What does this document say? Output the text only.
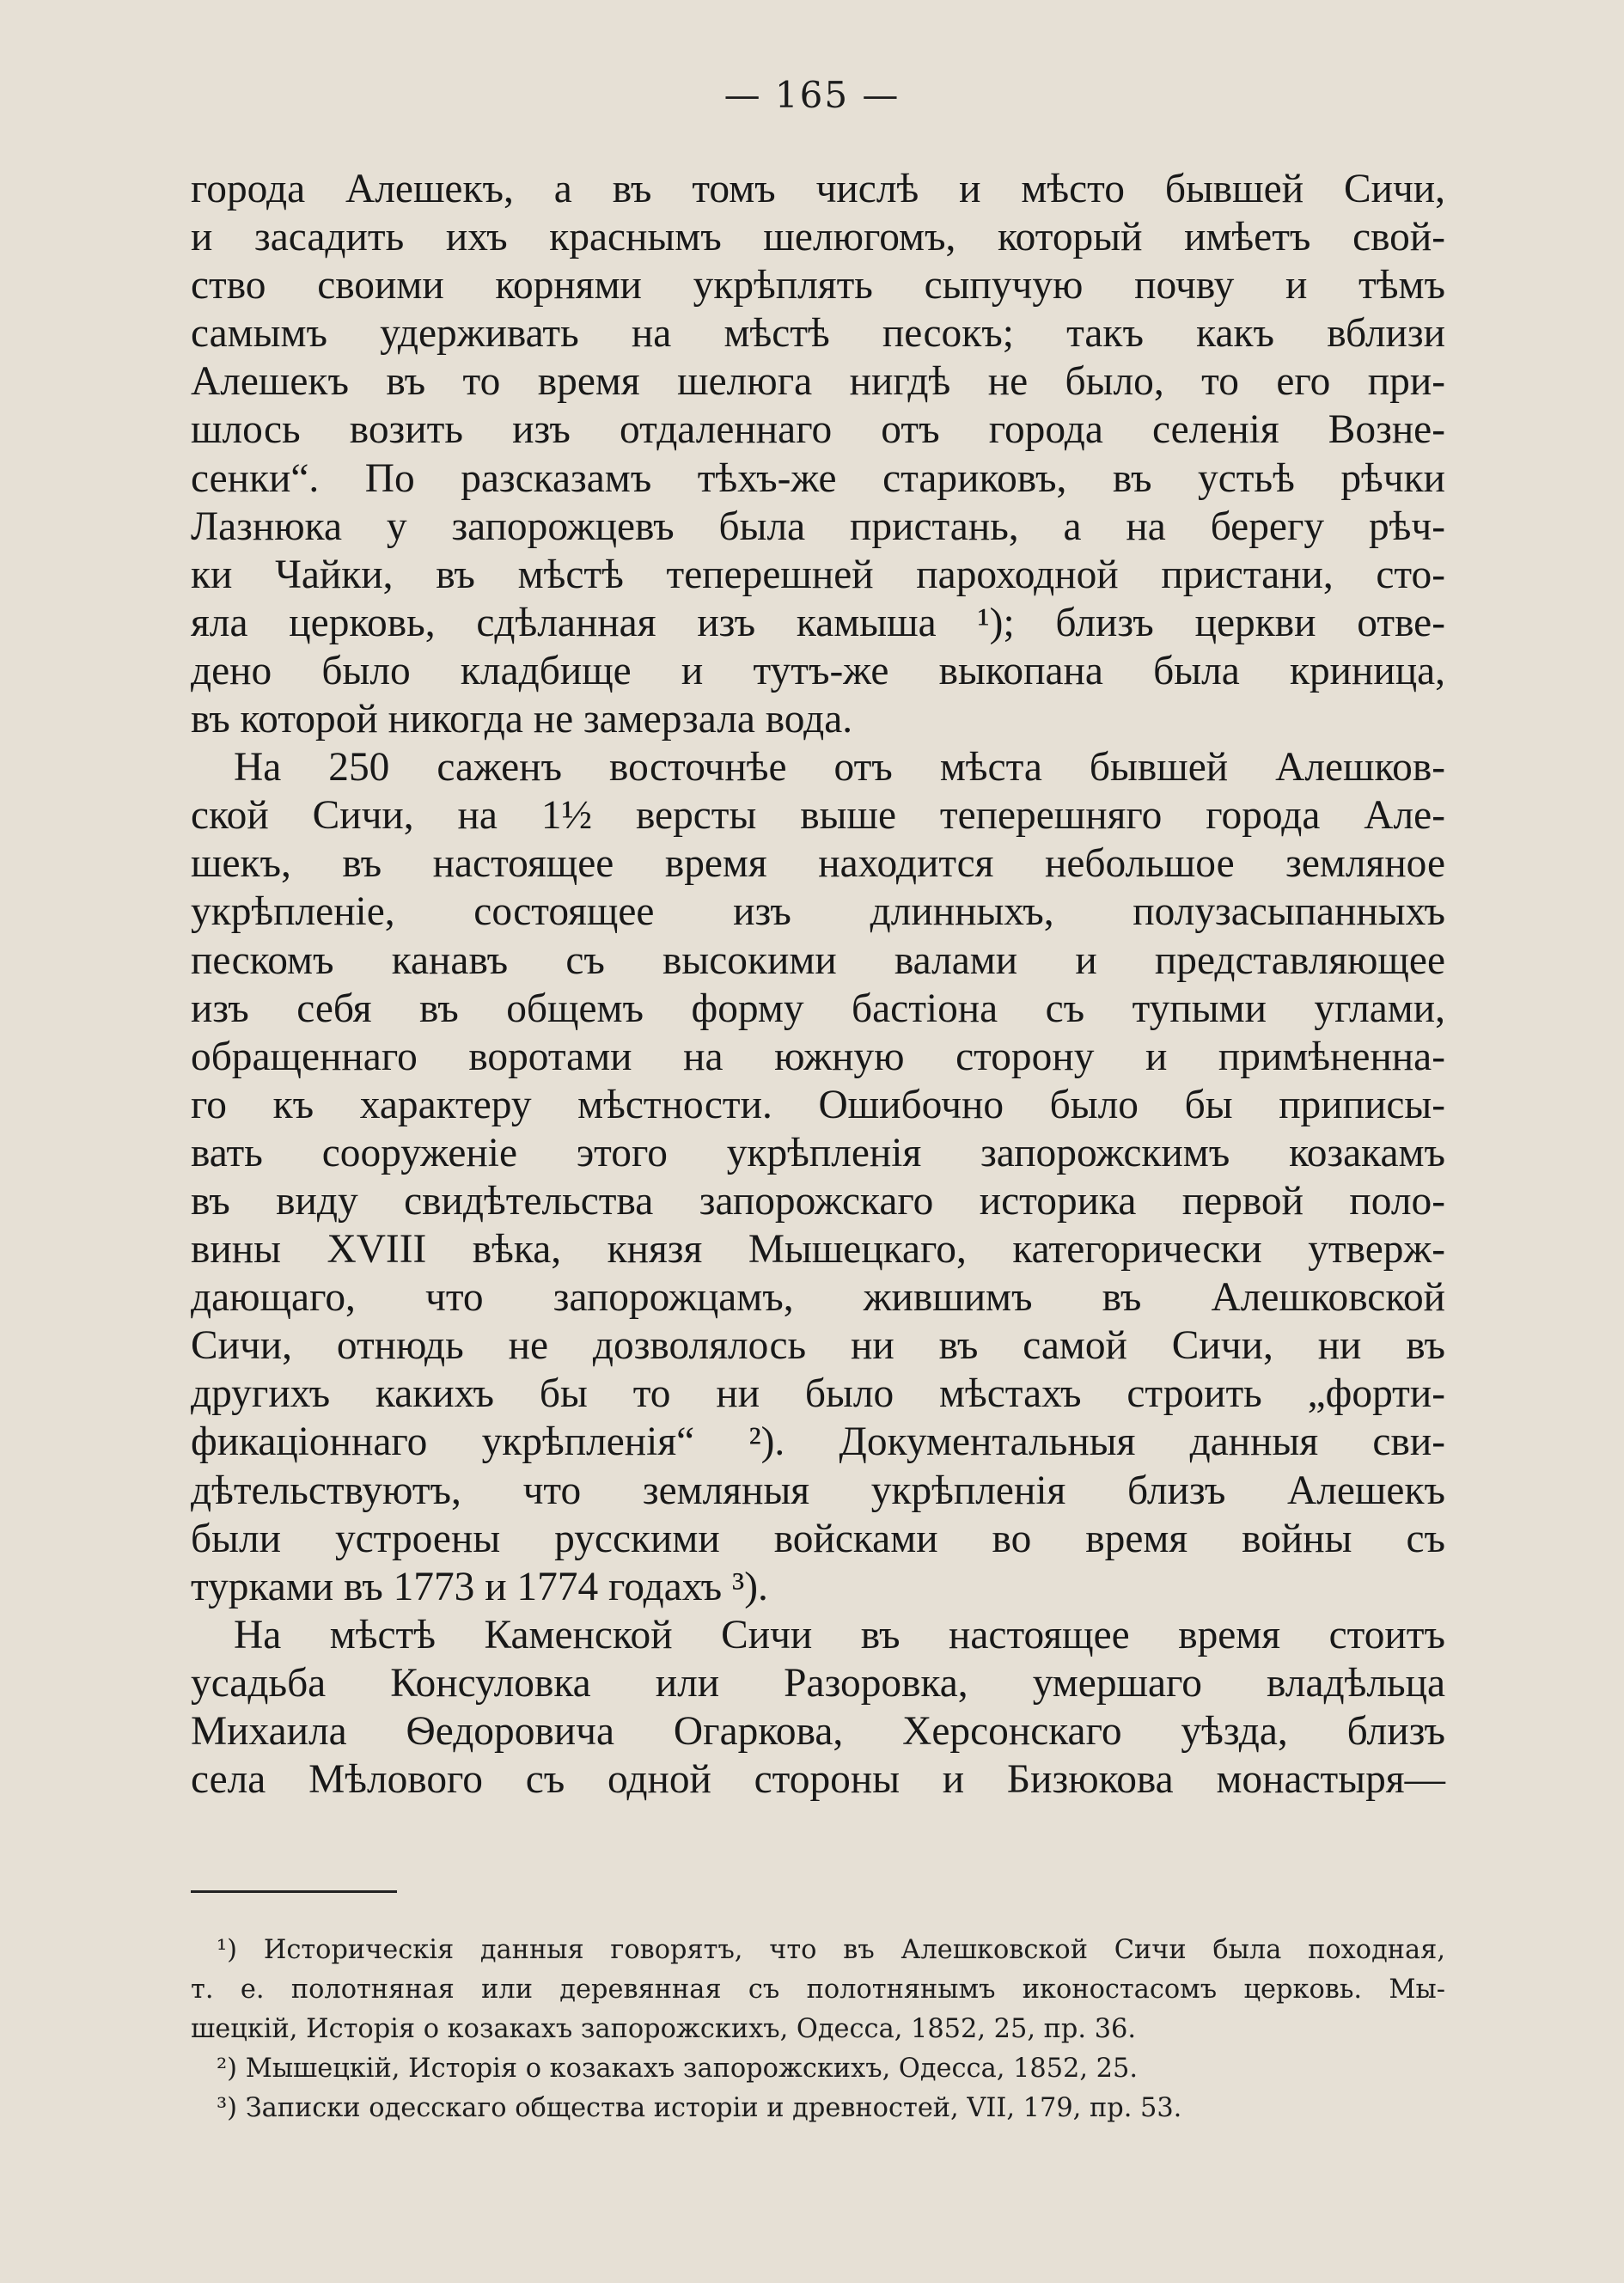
— 165 —
города Алешекъ, а въ томъ числѣ и мѣсто бывшей Сичи,
и засадить ихъ краснымъ шелюгомъ, который имѣетъ свой-
ство своими корнями укрѣплять сыпучую почву и тѣмъ
самымъ удерживать на мѣстѣ песокъ; такъ какъ вблизи
Алешекъ въ то время шелюга нигдѣ не было, то его при-
шлось возить изъ отдаленнаго отъ города селенія Возне-
сенки“. По разсказамъ тѣхъ-же стариковъ, въ устьѣ рѣчки
Лазнюка у запорожцевъ была пристань, а на берегу рѣч-
ки Чайки, въ мѣстѣ теперешней пароходной пристани, сто-
яла церковь, сдѣланная изъ камыша ¹); близъ церкви отве-
дено было кладбище и тутъ-же выкопана была криница,
въ которой никогда не замерзала вода.
На 250 саженъ восточнѣе отъ мѣста бывшей Алешков-
ской Сичи, на 1½ версты выше теперешняго города Але-
шекъ, въ настоящее время находится небольшое земляное
укрѣпленіе, состоящее изъ длинныхъ, полузасыпанныхъ
пескомъ канавъ съ высокими валами и представляющее
изъ себя въ общемъ форму бастіона съ тупыми углами,
обращеннаго воротами на южную сторону и примѣненна-
го къ характеру мѣстности. Ошибочно было бы приписы-
вать сооруженіе этого укрѣпленія запорожскимъ козакамъ
въ виду свидѣтельства запорожскаго историка первой поло-
вины XVIII вѣка, князя Мышецкаго, категорически утверж-
дающаго, что запорожцамъ, жившимъ въ Алешковской
Сичи, отнюдь не дозволялось ни въ самой Сичи, ни въ
другихъ какихъ бы то ни было мѣстахъ строить „форти-
фикаціоннаго укрѣпленія“ ²). Документальныя данныя сви-
дѣтельствуютъ, что земляныя укрѣпленія близъ Алешекъ
были устроены русскими войсками во время войны съ
турками въ 1773 и 1774 годахъ ³).
На мѣстѣ Каменской Сичи въ настоящее время стоитъ
усадьба Консуловка или Разоровка, умершаго владѣльца
Михаила Ѳедоровича Огаркова, Херсонскаго уѣзда, близъ
села Мѣлового съ одной стороны и Бизюкова монастыря—
¹) Историческія данныя говорятъ, что въ Алешковской Сичи была походная,
т. е. полотняная или деревянная съ полотнянымъ иконостасомъ церковь. Мы-
шецкій, Исторія о козакахъ запорожскихъ, Одесса, 1852, 25, пр. 36.
²) Мышецкій, Исторія о козакахъ запорожскихъ, Одесса, 1852, 25.
³) Записки одесскаго общества исторіи и древностей, VII, 179, пр. 53.
